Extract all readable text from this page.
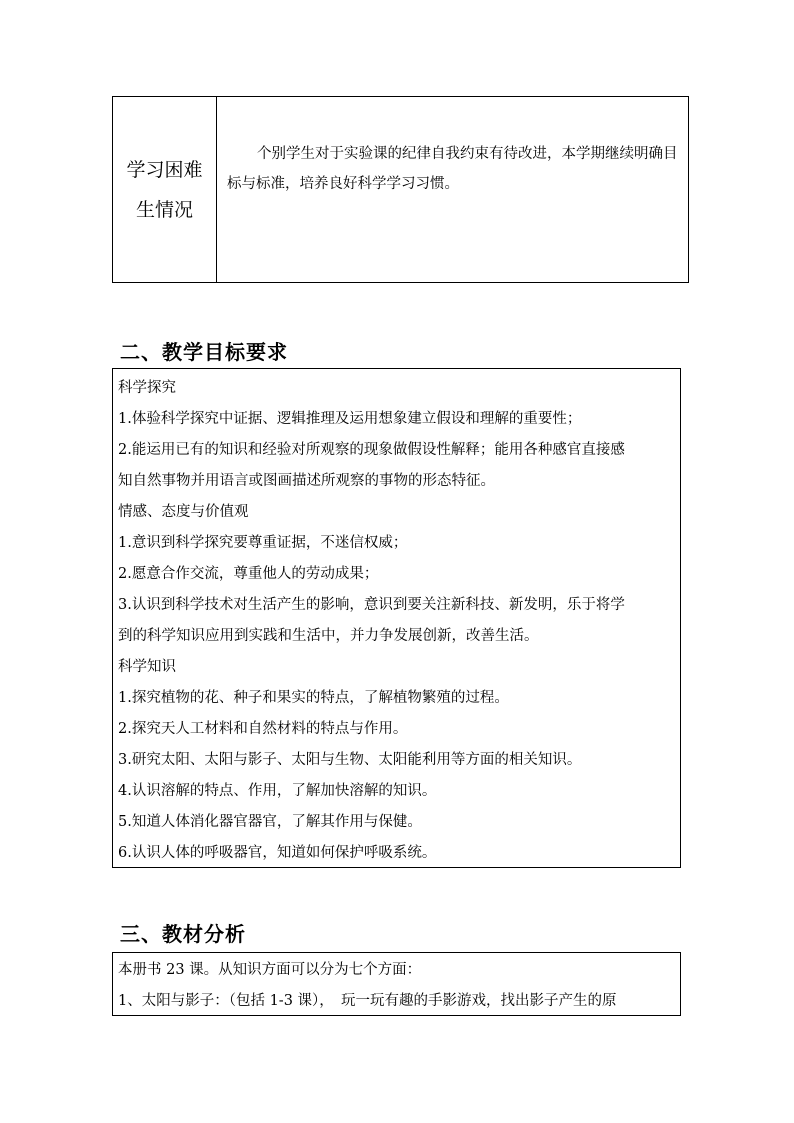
学习困难
生情况
个别学生对于实验课的纪律自我约束有待改进，本学期继续明确目标与标准，培养良好科学学习习惯。
二、教学目标要求
科学探究
1.体验科学探究中证据、逻辑推理及运用想象建立假设和理解的重要性；
2.能运用已有的知识和经验对所观察的现象做假设性解释；能用各种感官直接感
知自然事物并用语言或图画描述所观察的事物的形态特征。
情感、态度与价值观
1.意识到科学探究要尊重证据，不迷信权威；
2.愿意合作交流，尊重他人的劳动成果；
3.认识到科学技术对生活产生的影响，意识到要关注新科技、新发明，乐于将学
到的科学知识应用到实践和生活中，并力争发展创新，改善生活。
科学知识
1.探究植物的花、种子和果实的特点，了解植物繁殖的过程。
2.探究天人工材料和自然材料的特点与作用。
3.研究太阳、太阳与影子、太阳与生物、太阳能利用等方面的相关知识。
4.认识溶解的特点、作用，了解加快溶解的知识。
5.知道人体消化器官器官，了解其作用与保健。
6.认识人体的呼吸器官，知道如何保护呼吸系统。
三、教材分析
本册书 23 课。从知识方面可以分为七个方面：
1、太阳与影子：（包括 1-3 课），　玩一玩有趣的手影游戏，找出影子产生的原
